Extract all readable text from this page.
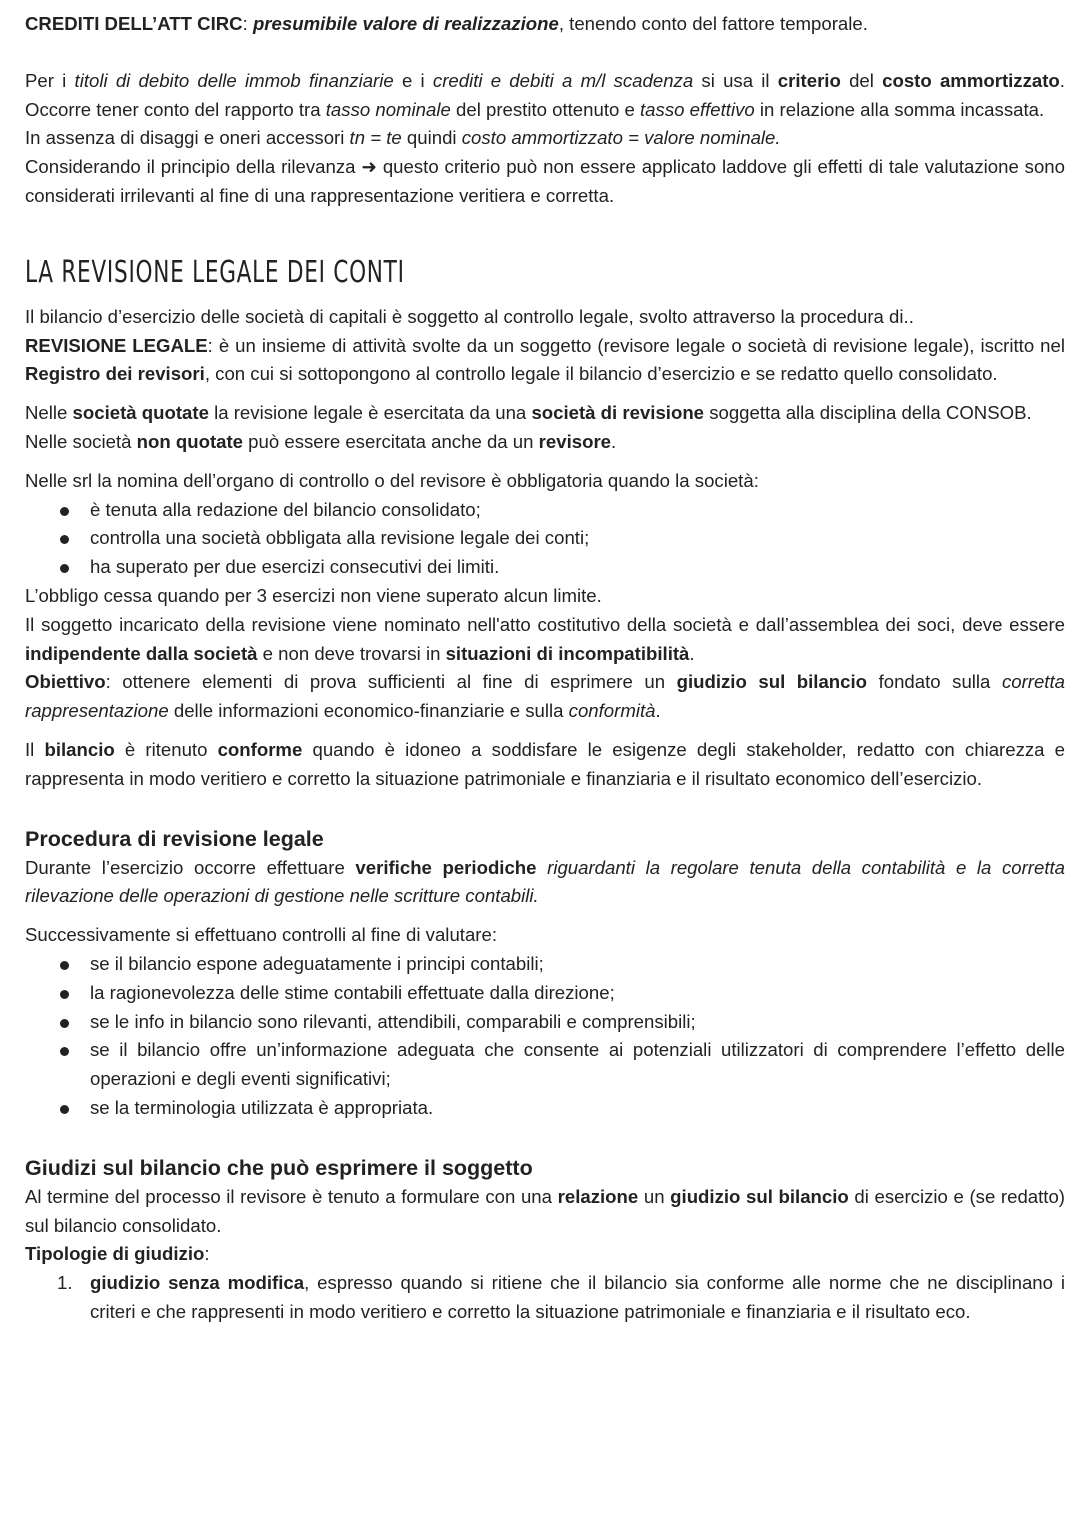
CREDITI DELL’ATT CIRC: presumibile valore di realizzazione, tenendo conto del fattore temporale.

Per i titoli di debito delle immob finanziarie e i crediti e debiti a m/l scadenza si usa il criterio del costo ammortizzato. Occorre tener conto del rapporto tra tasso nominale del prestito ottenuto e tasso effettivo in relazione alla somma incassata.

In assenza di disaggi e oneri accessori tn = te quindi costo ammortizzato = valore nominale.

Considerando il principio della rilevanza ➜ questo criterio può non essere applicato laddove gli effetti di tale valutazione sono considerati irrilevanti al fine di una rappresentazione veritiera e corretta.

LA REVISIONE LEGALE DEI CONTI

Il bilancio d’esercizio delle società di capitali è soggetto al controllo legale, svolto attraverso la procedura di..

REVISIONE LEGALE: è un insieme di attività svolte da un soggetto (revisore legale o società di revisione legale), iscritto nel Registro dei revisori, con cui si sottopongono al controllo legale il bilancio d’esercizio e se redatto quello consolidato.

Nelle società quotate la revisione legale è esercitata da una società di revisione soggetta alla disciplina della CONSOB.

Nelle società non quotate può essere esercitata anche da un revisore.

Nelle srl la nomina dell’organo di controllo o del revisore è obbligatoria quando la società:

è tenuta alla redazione del bilancio consolidato;
controlla una società obbligata alla revisione legale dei conti;
ha superato per due esercizi consecutivi dei limiti.

L’obbligo cessa quando per 3 esercizi non viene superato alcun limite.

Il soggetto incaricato della revisione viene nominato nell'atto costitutivo della società e dall’assemblea dei soci, deve essere indipendente dalla società e non deve trovarsi in situazioni di incompatibilità.

Obiettivo: ottenere elementi di prova sufficienti al fine di esprimere un giudizio sul bilancio fondato sulla corretta rappresentazione delle informazioni economico-finanziarie e sulla conformità.

Il bilancio è ritenuto conforme quando è idoneo a soddisfare le esigenze degli stakeholder, redatto con chiarezza e rappresenta in modo veritiero e corretto la situazione patrimoniale e finanziaria e il risultato economico dell’esercizio.

Procedura di revisione legale

Durante l’esercizio occorre effettuare verifiche periodiche riguardanti la regolare tenuta della contabilità e la corretta rilevazione delle operazioni di gestione nelle scritture contabili.

Successivamente si effettuano controlli al fine di valutare:

se il bilancio espone adeguatamente i principi contabili;
la ragionevolezza delle stime contabili effettuate dalla direzione;
se le info in bilancio sono rilevanti, attendibili, comparabili e comprensibili;
se il bilancio offre un’informazione adeguata che consente ai potenziali utilizzatori di comprendere l’effetto delle operazioni e degli eventi significativi;
se la terminologia utilizzata è appropriata.
Giudizi sul bilancio che può esprimere il soggetto

Al termine del processo il revisore è tenuto a formulare con una relazione un giudizio sul bilancio di esercizio e (se redatto) sul bilancio consolidato.

Tipologie di giudizio:

1. giudizio senza modifica, espresso quando si ritiene che il bilancio sia conforme alle norme che ne disciplinano i criteri e che rappresenti in modo veritiero e corretto la situazione patrimoniale e finanziaria e il risultato eco.
